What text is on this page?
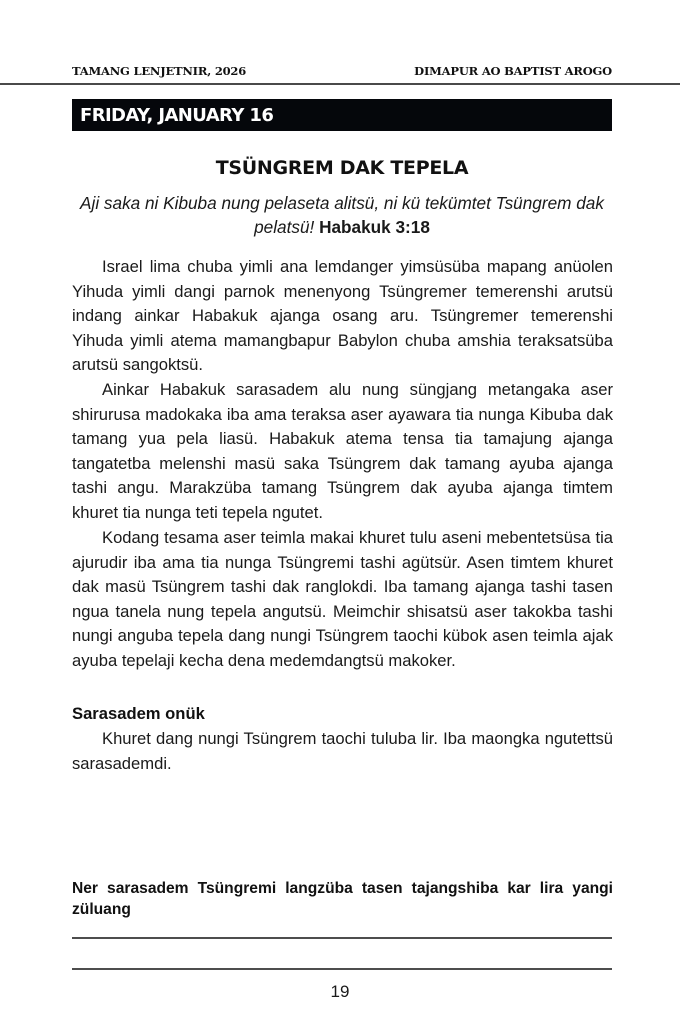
TAMANG LENJETNIR, 2026	DIMAPUR AO BAPTIST AROGO
FRIDAY, JANUARY 16
TSÜNGREM DAK TEPELA
Aji saka ni Kibuba nung pelaseta alitsü, ni kü tekümtet Tsüngrem dak pelatsü! Habakuk 3:18

Israel lima chuba yimli ana lemdanger yimsüsüba mapang anüolen Yihuda yimli dangi parnok menenyong Tsüngremer temerenshi arutsü indang ainkar Habakuk ajanga osang aru. Tsüngremer temerenshi Yihuda yimli atema mamangbapur Babylon chuba amshia teraksatsüba arutsü sangoktsü.

Ainkar Habakuk sarasadem alu nung süngjang metangaka aser shirurusa madokaka iba ama teraksa aser ayawara tia nunga Kibuba dak tamang yua pela liasü. Habakuk atema tensa tia tamajung ajanga tangatetba melenshi masü saka Tsüngrem dak tamang ayuba ajanga tashi angu. Marakzüba tamang Tsüngrem dak ayuba ajanga timtem khuret tia nunga teti tepela ngutet.

Kodang tesama aser teimla makai khuret tulu aseni mebentetsüsa tia ajurudir iba ama tia nunga Tsüngremi tashi agütsür. Asen timtem khuret dak masü Tsüngrem tashi dak ranglokdi. Iba tamang ajanga tashi tasen ngua tanela nung tepela angutsü. Meimchir shisatsü aser takokba tashi nungi anguba tepela dang nungi Tsüngrem taochi kübok asen teimla ajak ayuba tepelaji kecha dena medemdangtsü makoker.

Sarasadem onük

Khuret dang nungi Tsüngrem taochi tuluba lir. Iba maongka ngutettsü sarasademdi.

Ner sarasadem Tsüngremi langzüba tasen tajangshiba kar lira yangi züluang
19
